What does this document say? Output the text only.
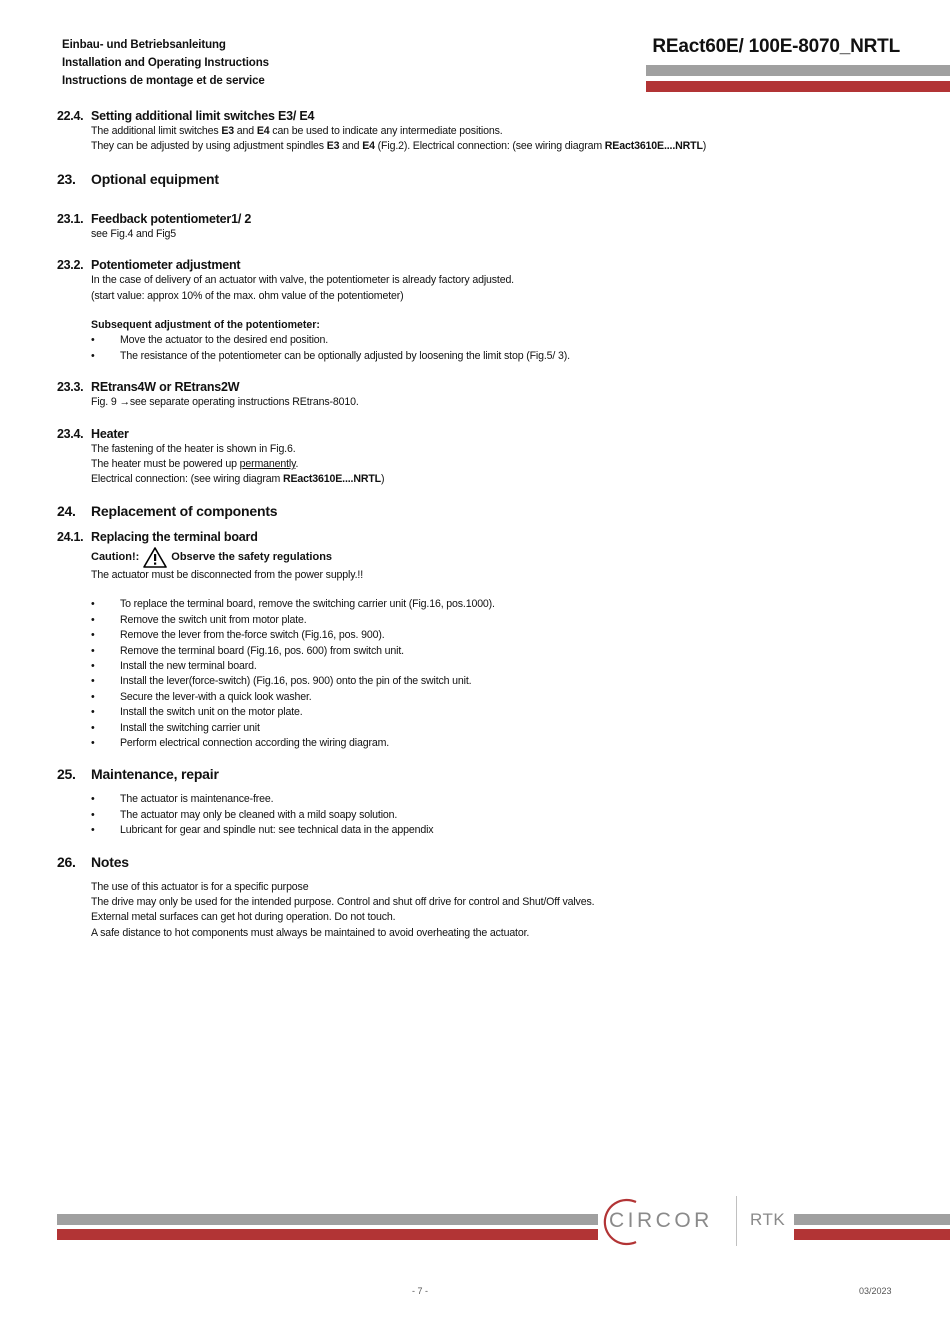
Einbau- und Betriebsanleitung
Installation and Operating Instructions
Instructions de montage et de service
REact60E/ 100E-8070_NRTL
22.4. Setting additional limit switches E3/ E4
The additional limit switches E3 and E4 can be used to indicate any intermediate positions.
They can be adjusted by using adjustment spindles E3 and E4 (Fig.2). Electrical connection: (see wiring diagram REact3610E....NRTL)
23.	Optional equipment
23.1. Feedback potentiometer1/ 2
see Fig.4 and Fig5
23.2. Potentiometer adjustment
In the case of delivery of an actuator with valve, the potentiometer is already factory adjusted.
(start value: approx 10% of the max. ohm value of the potentiometer)
Subsequent adjustment of the potentiometer:
• Move the actuator to the desired end position.
• The resistance of the potentiometer can be optionally adjusted by loosening the limit stop (Fig.5/ 3).
23.3. REtrans4W or REtrans2W
Fig. 9 →see separate operating instructions REtrans-8010.
23.4. Heater
The fastening of the heater is shown in Fig.6.
The heater must be powered up permanently.
Electrical connection: (see wiring diagram REact3610E....NRTL)
24.	Replacement of components
24.1. Replacing the terminal board
Caution!:	Observe the safety regulations
The actuator must be disconnected from the power supply.!!
• To replace the terminal board, remove the switching carrier unit (Fig.16, pos.1000).
• Remove the switch unit from motor plate.
• Remove the lever from the-force switch (Fig.16, pos. 900).
• Remove the terminal board (Fig.16, pos. 600) from switch unit.
• Install the new terminal board.
• Install the lever(force-switch) (Fig.16, pos. 900) onto the pin of the switch unit.
• Secure the lever-with a quick look washer.
• Install the switch unit on the motor plate.
• Install the switching carrier unit
• Perform electrical connection according the wiring diagram.
25.	Maintenance, repair
• The actuator is maintenance-free.
• The actuator may only be cleaned with a mild soapy solution.
• Lubricant for gear and spindle nut: see technical data in the appendix
26.	Notes
The use of this actuator is for a specific purpose
The drive may only be used for the intended purpose. Control and shut off drive for control and Shut/Off valves.
External metal surfaces can get hot during operation. Do not touch.
A safe distance to hot components must always be maintained to avoid overheating the actuator.
CIRCOR RTK
- 7 -	03/2023
